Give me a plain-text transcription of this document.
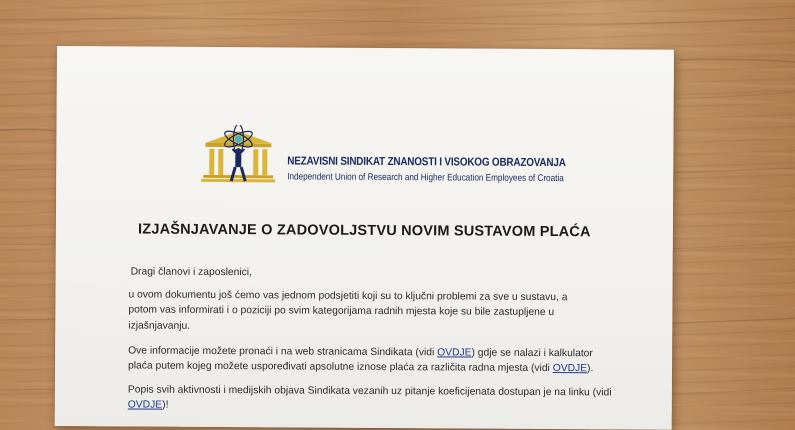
NEZAVISNI SINDIKAT ZNANOSTI I VISOKOG OBRAZOVANJA

Independent Union of Research and Higher Education Employees of Croatia

IZJAŠNJAVANJE O ZADOVOLJSTVU NOVIM SUSTAVOM PLAĆA

Dragi članovi i zaposlenici,

u ovom dokumentu još ćemo vas jednom podsjetiti koji su to ključni problemi za sve u sustavu, a potom vas informirati i o poziciji po svim kategorijama radnih mjesta koje su bile zastupljene u izjašnjavanju.

Ove informacije možete pronaći i na web stranicama Sindikata (vidi OVDJE) gdje se nalazi i kalkulator plaća putem kojeg možete uspoređivati apsolutne iznose plaća za različita radna mjesta (vidi OVDJE).

Popis svih aktivnosti i medijskih objava Sindikata vezanih uz pitanje koeficijenata dostupan je na linku (vidi OVDJE)!
